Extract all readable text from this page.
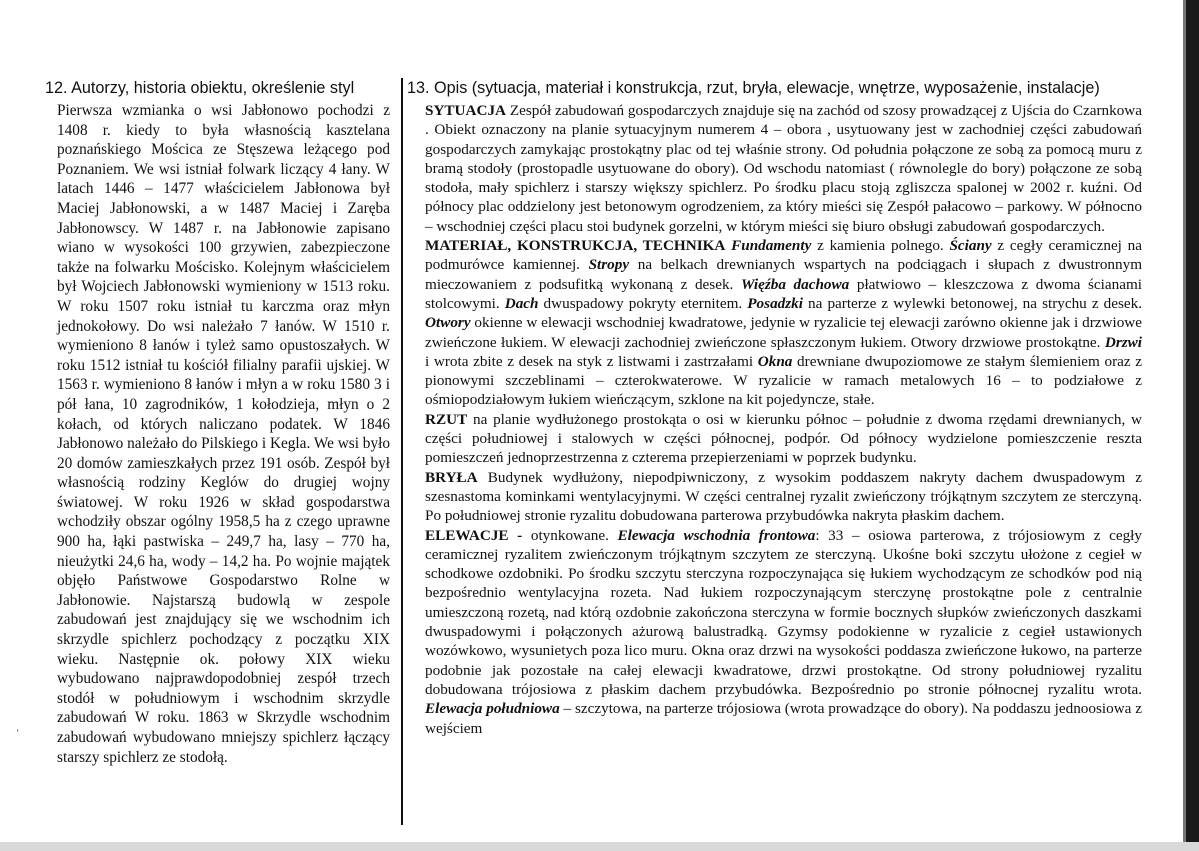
‘
12. Autorzy, historia obiektu, określenie styl

Pierwsza wzmianka o wsi Jabłonowo pochodzi z 1408 r. kiedy to była własnością kasztelana poznańskiego Mościca ze Stęszewa leżącego pod Poznaniem. We wsi istniał folwark liczący 4 łany. W latach 1446 – 1477 właścicielem Jabłonowa był Maciej Jabłonowski, a w 1487 Maciej i Zaręba Jabłonowscy. W 1487 r. na Jabłonowie zapisano wiano w wysokości 100 grzywien, zabezpieczone także na folwarku Mościsko. Kolejnym właścicielem był Wojciech Jabłonowski wymieniony w 1513 roku. W roku 1507 roku istniał tu karczma oraz młyn jednokołowy. Do wsi należało 7 łanów. W 1510 r. wymieniono 8 łanów i tyleż samo opustoszałych. W roku 1512 istniał tu kościół filialny parafii ujskiej. W 1563 r. wymieniono 8 łanów i młyn a w roku 1580 3 i pół łana, 10 zagrodników, 1 kołodzieja, młyn o 2 kołach, od których naliczano podatek. W 1846 Jabłonowo należało do Pilskiego i Kegla. We wsi było 20 domów zamieszkałych przez 191 osób. Zespół był własnością rodziny Keglów do drugiej wojny światowej. W roku 1926 w skład gospodarstwa wchodziły obszar ogólny 1958,5 ha z czego uprawne 900 ha, łąki pastwiska – 249,7 ha, lasy – 770 ha, nieużytki 24,6 ha, wody – 14,2 ha. Po wojnie majątek objęło Państwowe Gospodarstwo Rolne w Jabłonowie. Najstarszą budowlą w zespole zabudowań jest znajdujący się we wschodnim ich skrzydle spichlerz pochodzący z początku XIX wieku. Następnie ok. połowy XIX wieku wybudowano najprawdopodobniej zespół trzech stodół w południowym i wschodnim skrzydle zabudowań W roku. 1863 w Skrzydle wschodnim zabudowań wybudowano mniejszy spichlerz łączący starszy spichlerz ze stodołą.

13. Opis (sytuacja, materiał i konstrukcja, rzut, bryła, elewacje, wnętrze, wyposażenie, instalacje)

SYTUACJA Zespół zabudowań gospodarczych znajduje się na zachód od szosy prowadzącej z Ujścia do Czarnkowa . Obiekt oznaczony na planie sytuacyjnym numerem 4 – obora , usytuowany jest w zachodniej części zabudowań gospodarczych zamykając prostokątny plac od tej właśnie strony. Od południa połączone ze sobą za pomocą muru z bramą stodoły (prostopadle usytuowane do obory). Od wschodu natomiast ( równolegle do bory) połączone ze sobą stodoła, mały spichlerz i starszy większy spichlerz. Po środku placu stoją zgliszcza spalonej w 2002 r. kuźni. Od północy plac oddzielony jest betonowym ogrodzeniem, za który mieści się Zespół pałacowo – parkowy. W północno – wschodniej części placu stoi budynek gorzelni, w którym mieści się biuro obsługi zabudowań gospodarczych.

MATERIAŁ, KONSTRUKCJA, TECHNIKA Fundamenty z kamienia polnego. Ściany z cegły ceramicznej na podmurówce kamiennej. Stropy na belkach drewnianych wspartych na podciągach i słupach z dwustronnym mieczowaniem z podsufitką wykonaną z desek. Więźba dachowa płatwiowo – kleszczowa z dwoma ścianami stolcowymi. Dach dwuspadowy pokryty eternitem. Posadzki na parterze z wylewki betonowej, na strychu z desek. Otwory okienne w elewacji wschodniej kwadratowe, jedynie w ryzalicie tej elewacji zarówno okienne jak i drzwiowe zwieńczone łukiem. W elewacji zachodniej zwieńczone spłaszczonym łukiem. Otwory drzwiowe prostokątne. Drzwi i wrota zbite z desek na styk z listwami i zastrzałami Okna drewniane dwupoziomowe ze stałym ślemieniem oraz z pionowymi szczeblinami – czterokwaterowe. W ryzalicie w ramach metalowych 16 – to podziałowe z ośmiopodziałowym łukiem wieńczącym, szklone na kit pojedyncze, stałe.

RZUT na planie wydłużonego prostokąta o osi w kierunku północ – południe z dwoma rzędami drewnianych, w części południowej i stalowych w części północnej, podpór. Od północy wydzielone pomieszczenie reszta pomieszczeń jednoprzestrzenna z czterema przepierzeniami w poprzek budynku.

BRYŁA Budynek wydłużony, niepodpiwniczony, z wysokim poddaszem nakryty dachem dwuspadowym z szesnastoma kominkami wentylacyjnymi. W części centralnej ryzalit zwieńczony trójkątnym szczytem ze sterczyną. Po południowej stronie ryzalitu dobudowana parterowa przybudówka nakryta płaskim dachem.

ELEWACJE - otynkowane. Elewacja wschodnia frontowa: 33 – osiowa parterowa, z trójosiowym z cegły ceramicznej ryzalitem zwieńczonym trójkątnym szczytem ze sterczyną. Ukośne boki szczytu ułożone z cegieł w schodkowe ozdobniki. Po środku szczytu sterczyna rozpoczynająca się łukiem wychodzącym ze schodków pod nią bezpośrednio wentylacyjna rozeta. Nad łukiem rozpoczynającym sterczynę prostokątne pole z centralnie umieszczoną rozetą, nad którą ozdobnie zakończona sterczyna w formie bocznych słupków zwieńczonych daszkami dwuspadowymi i połączonych ażurową balustradką. Gzymsy podokienne w ryzalicie z cegieł ustawionych wozówkowo, wysunietych poza lico muru. Okna oraz drzwi na wysokości poddasza zwieńczone łukowo, na parterze podobnie jak pozostałe na całej elewacji kwadratowe, drzwi prostokątne. Od strony południowej ryzalitu dobudowana trójosiowa z płaskim dachem przybudówka. Bezpośrednio po stronie północnej ryzalitu wrota. Elewacja południowa – szczytowa, na parterze trójosiowa (wrota prowadzące do obory). Na poddaszu jednoosiowa z wejściem
